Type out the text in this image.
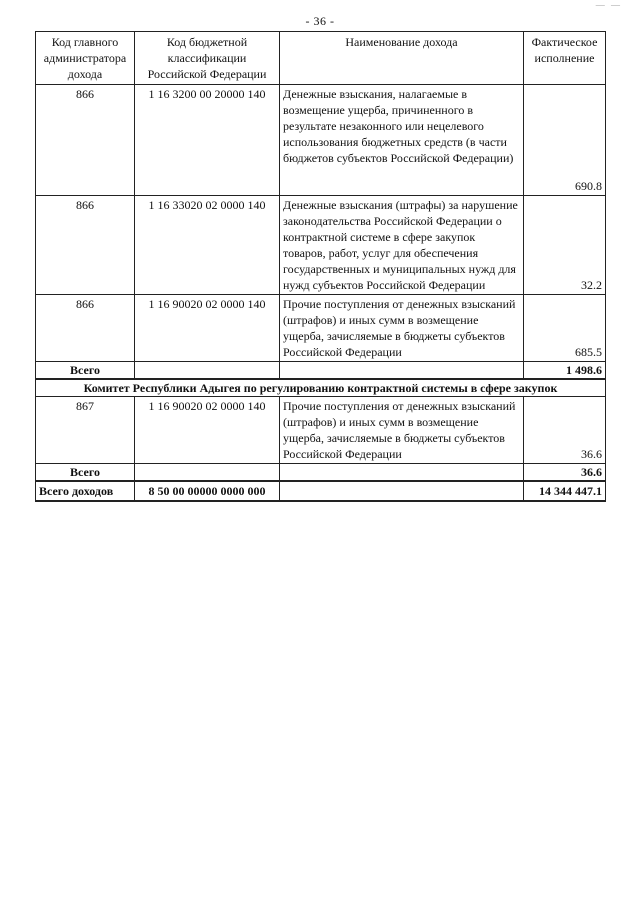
— —
- 36 -
Код главного администратора дохода	Код бюджетной классификации Российской Федерации	Наименование дохода	Фактическое исполнение
866	1 16 3200 00 20000 140	Денежные взыскания, налагаемые в возмещение ущерба, причиненного в результате незаконного или нецелевого использования бюджетных средств (в части бюджетов субъектов Российской Федерации)	690.8
866	1 16 33020 02 0000 140	Денежные взыскания (штрафы) за нарушение законодательства Российской Федерации о контрактной системе в сфере закупок товаров, работ, услуг для обеспечения государственных и муниципальных нужд для нужд субъектов Российской Федерации	32.2
866	1 16 90020 02 0000 140	Прочие поступления от денежных взысканий (штрафов) и иных сумм в возмещение ущерба, зачисляемые в бюджеты субъектов Российской Федерации	685.5
Всего			1 498.6
Комитет Республики Адыгея по регулированию контрактной системы в сфере закупок			
867	1 16 90020 02 0000 140	Прочие поступления от денежных взысканий (штрафов) и иных сумм в возмещение ущерба, зачисляемые в бюджеты субъектов Российской Федерации	36.6
Всего			36.6
Всего доходов	8 50 00 00000 0000 000		14 344 447.1
